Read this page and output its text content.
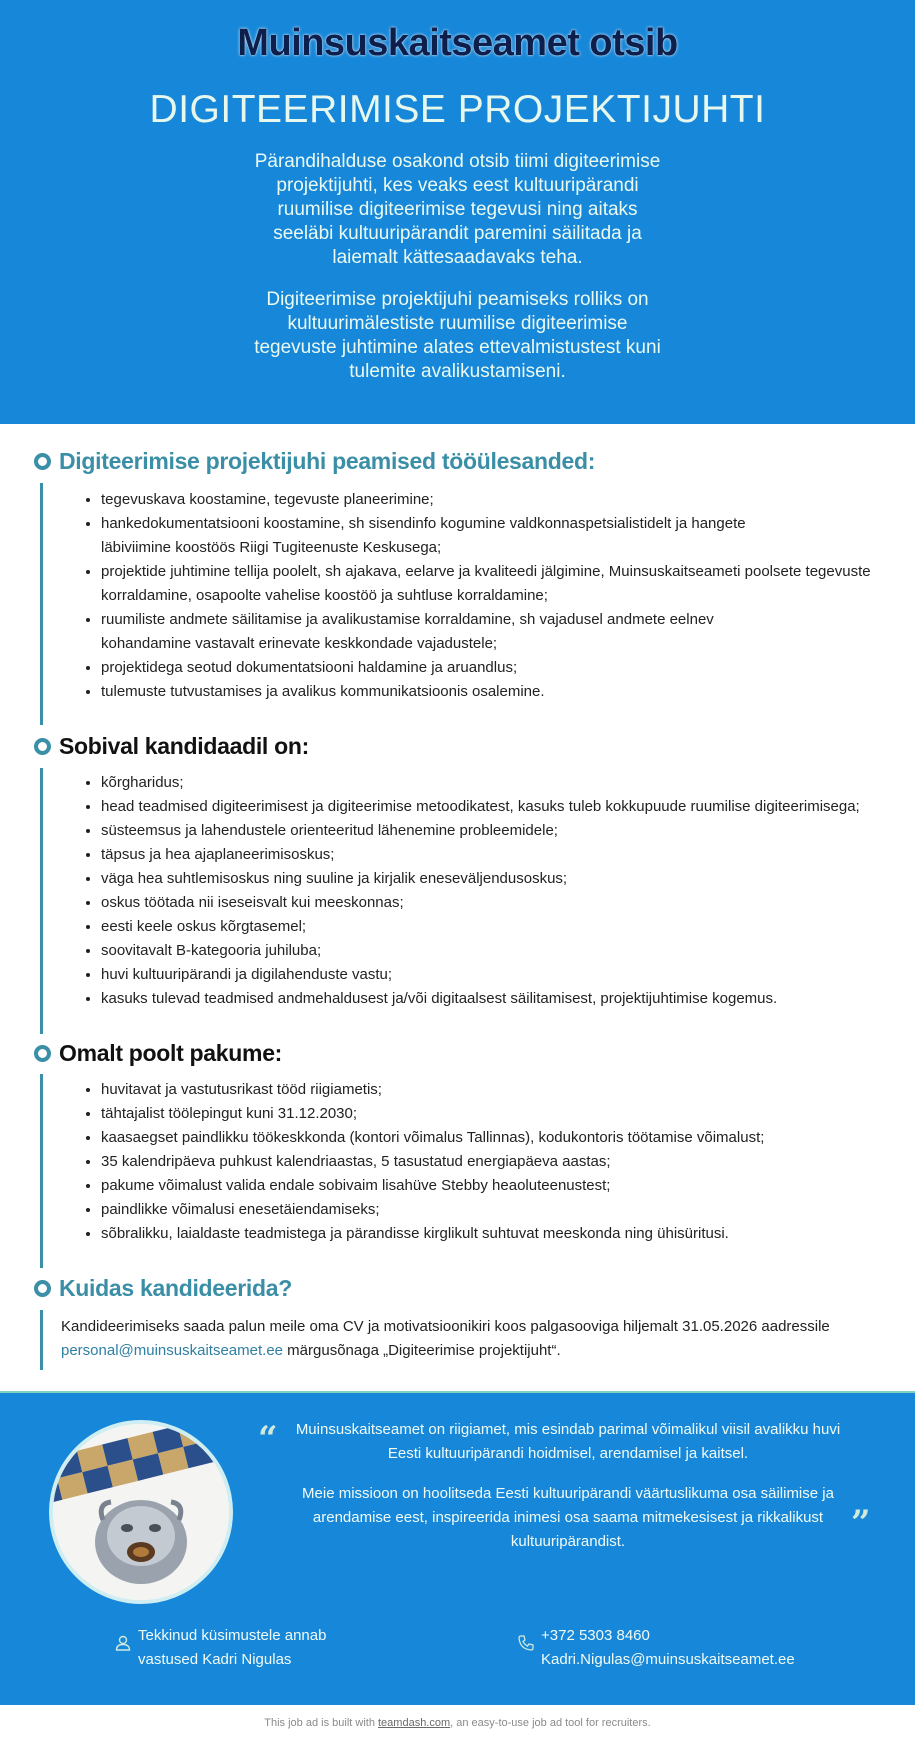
Muinsuskaitseamet otsib
DIGITEERIMISE PROJEKTIJUHTI
Pärandihalduse osakond otsib tiimi digiteerimise projektijuhti, kes veaks eest kultuuripärandi ruumilise digiteerimise tegevusi ning aitaks seeläbi kultuuripärandit paremini säilitada ja laiemalt kättesaadavaks teha.
Digiteerimise projektijuhi peamiseks rolliks on kultuurimälestiste ruumilise digiteerimise tegevuste juhtimine alates ettevalmistustest kuni tulemite avalikustamiseni.
Digiteerimise projektijuhi peamised tööülesanded:
• tegevuskava koostamine, tegevuste planeerimine;
• hankedokumentatsiooni koostamine, sh sisendinfo kogumine valdkonnaspetsialistidelt ja hangete
läbiviimine koostöös Riigi Tugiteenuste Keskusega;
• projektide juhtimine tellija poolelt, sh ajakava, eelarve ja kvaliteedi jälgimine, Muinsuskaitseameti poolsete tegevuste korraldamine, osapoolte vahelise koostöö ja suhtluse korraldamine;
• ruumiliste andmete säilitamise ja avalikustamise korraldamine, sh vajadusel andmete eelnev
kohandamine vastavalt erinevate keskkondade vajadustele;
• projektidega seotud dokumentatsiooni haldamine ja aruandlus;
• tulemuste tutvustamises ja avalikus kommunikatsioonis osalemine.
Sobival kandidaadil on:
• kõrgharidus;
• head teadmised digiteerimisest ja digiteerimise metoodikatest, kasuks tuleb kokkupuude ruumilise digiteerimisega;
• süsteemsus ja lahendustele orienteeritud lähenemine probleemidele;
• täpsus ja hea ajaplaneerimisoskus;
• väga hea suhtlemisoskus ning suuline ja kirjalik eneseväljendusoskus;
• oskus töötada nii iseseisvalt kui meeskonnas;
• eesti keele oskus kõrgtasemel;
• soovitavalt B-kategooria juhiluba;
• huvi kultuuripärandi ja digilahenduste vastu;
• kasuks tulevad teadmised andmehaldusest ja/või digitaalsest säilitamisest, projektijuhtimise kogemus.
Omalt poolt pakume:
• huvitavat ja vastutusrikast tööd riigiametis;
• tähtajalist töölepingut kuni 31.12.2030;
• kaasaegset paindlikku töökeskkonda (kontori võimalus Tallinnas), kodukontoris töötamise võimalust;
• 35 kalendripäeva puhkust kalendriaastas, 5 tasustatud energiapäeva aastas;
• pakume võimalust valida endale sobivaim lisahüve Stebby heaoluteenustest;
• paindlikke võimalusi enesetäiendamiseks;
• sõbralikku, laialdaste teadmistega ja pärandisse kirglikult suhtuvat meeskonda ning ühisüritusi.
Kuidas kandideerida?
Kandideerimiseks saada palun meile oma CV ja motivatsioonikiri koos palgasooviga hiljemalt 31.05.2026 aadressile personal@muinsuskaitseamet.ee märgusõnaga „Digiteerimise projektijuht“.
“	Muinsuskaitseamet on riigiamet, mis esindab parimal võimalikul viisil avalikku huvi Eesti kultuuripärandi hoidmisel, arendamisel ja kaitsel.
Meie missioon on hoolitseda Eesti kultuuripärandi väärtuslikuma osa säilimise ja arendamise eest, inspireerida inimesi osa saama mitmekesisest ja rikkalikust kultuuripärandist.	”
Tekkinud küsimustele annab
vastused Kadri Nigulas
+372 5303 8460
Kadri.Nigulas@muinsuskaitseamet.ee
This job ad is built with teamdash.com, an easy-to-use job ad tool for recruiters.
